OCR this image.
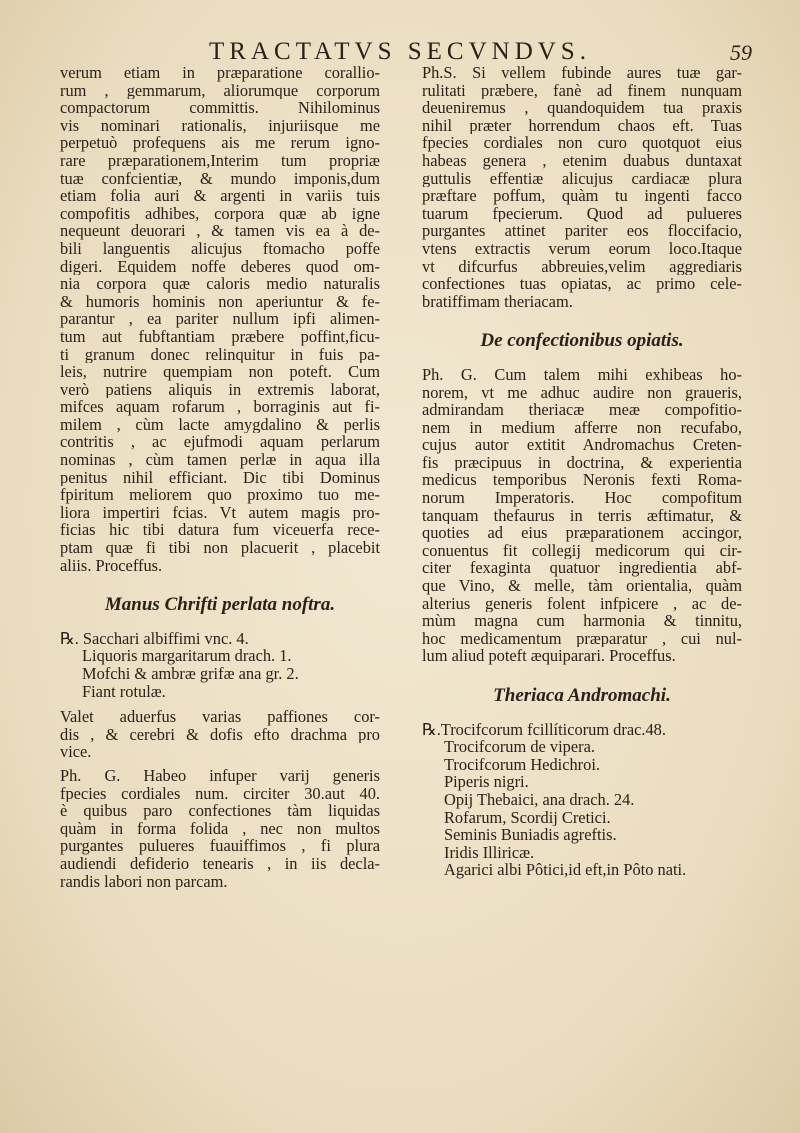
TRACTATVS SECVNDVS.	59
verum etiam in præparatione corallio-
rum , gemmarum, aliorumque corporum
compactorum committis. Nihilominus
vis nominari rationalis, injuriisque me
perpetuò profequens ais me rerum igno-
rare præparationem,Interim tum propriæ
tuæ confcientiæ, & mundo imponis,dum
etiam folia auri & argenti in variis tuis
compofitis adhibes, corpora quæ ab igne
nequeunt deuorari , & tamen vis ea à de-
bili languentis alicujus ftomacho poffe
digeri. Equidem noffe deberes quod om-
nia corpora quæ caloris medio naturalis
& humoris hominis non aperiuntur & fe-
parantur , ea pariter nullum ipfi alimen-
tum aut fubftantiam præbere poffint,ficu-
ti granum donec relinquitur in fuis pa-
leis, nutrire quempiam non poteft. Cum
verò patiens aliquis in extremis laborat,
mifces aquam rofarum , borraginis aut fi-
milem , cùm lacte amygdalino & perlis
contritis , ac ejufmodi aquam perlarum
nominas , cùm tamen perlæ in aqua illa
penitus nihil efficiant. Dic tibi Dominus
fpiritum meliorem quo proximo tuo me-
liora impertiri fcias. Vt autem magis pro-
ficias hic tibi datura fum viceuerfa rece-
ptam quæ fi tibi non placuerit , placebit
aliis. Proceffus.
Manus Chrifti perlata noftra.
℞. Sacchari albiffimi vnc. 4.
Liquoris margaritarum drach. 1.
Mofchi & ambræ grifæ ana gr. 2.
Fiant rotulæ.
Valet aduerfus varias paffiones cor-
dis , & cerebri & dofis efto drachma pro
vice.
Ph. G. Habeo infuper varij generis
fpecies cordiales num. circiter 30.aut 40.
è quibus paro confectiones tàm liquidas
quàm in forma folida , nec non multos
purgantes pulueres fuauiffimos , fi plura
audiendi defiderio tenearis , in iis decla-
randis labori non parcam.
Ph.S. Si vellem fubinde aures tuæ gar-
rulitati præbere, fanè ad finem nunquam
deueniremus , quandoquidem tua praxis
nihil præter horrendum chaos eft. Tuas
fpecies cordiales non curo quotquot eius
habeas genera , etenim duabus duntaxat
guttulis effentiæ alicujus cardiacæ plura
præftare poffum, quàm tu ingenti facco
tuarum fpecierum. Quod ad pulueres
purgantes attinet pariter eos floccifacio,
vtens extractis verum eorum loco.Itaque
vt difcurfus abbreuies,velim aggrediaris
confectiones tuas opiatas, ac primo cele-
bratiffimam theriacam.
De confectionibus opiatis.
Ph. G. Cum talem mihi exhibeas ho-
norem, vt me adhuc audire non graueris,
admirandam theriacæ meæ compofitio-
nem in medium afferre non recufabo,
cujus autor extitit Andromachus Creten-
fis præcipuus in doctrina, & experientia
medicus temporibus Neronis fexti Roma-
norum Imperatoris. Hoc compofitum
tanquam thefaurus in terris æftimatur, &
quoties ad eius præparationem accingor,
conuentus fit collegij medicorum qui cir-
citer fexaginta quatuor ingredientia abf-
que Vino, & melle, tàm orientalia, quàm
alterius generis folent infpicere , ac de-
mùm magna cum harmonia & tinnitu,
hoc medicamentum præparatur , cui nul-
lum aliud poteft æquiparari. Proceffus.
Theriaca Andromachi.
℞.Trocifcorum fcillíticorum drac.48.
Trocifcorum de vipera.
Trocifcorum Hedichroi.
Piperis nigri.
Opij Thebaici, ana drach. 24.
Rofarum, Scordij Cretici.
Seminis Buniadis agreftis.
Iridis Illiricæ.
Agarici albi Pôtici,id eft,in Pôto nati.
